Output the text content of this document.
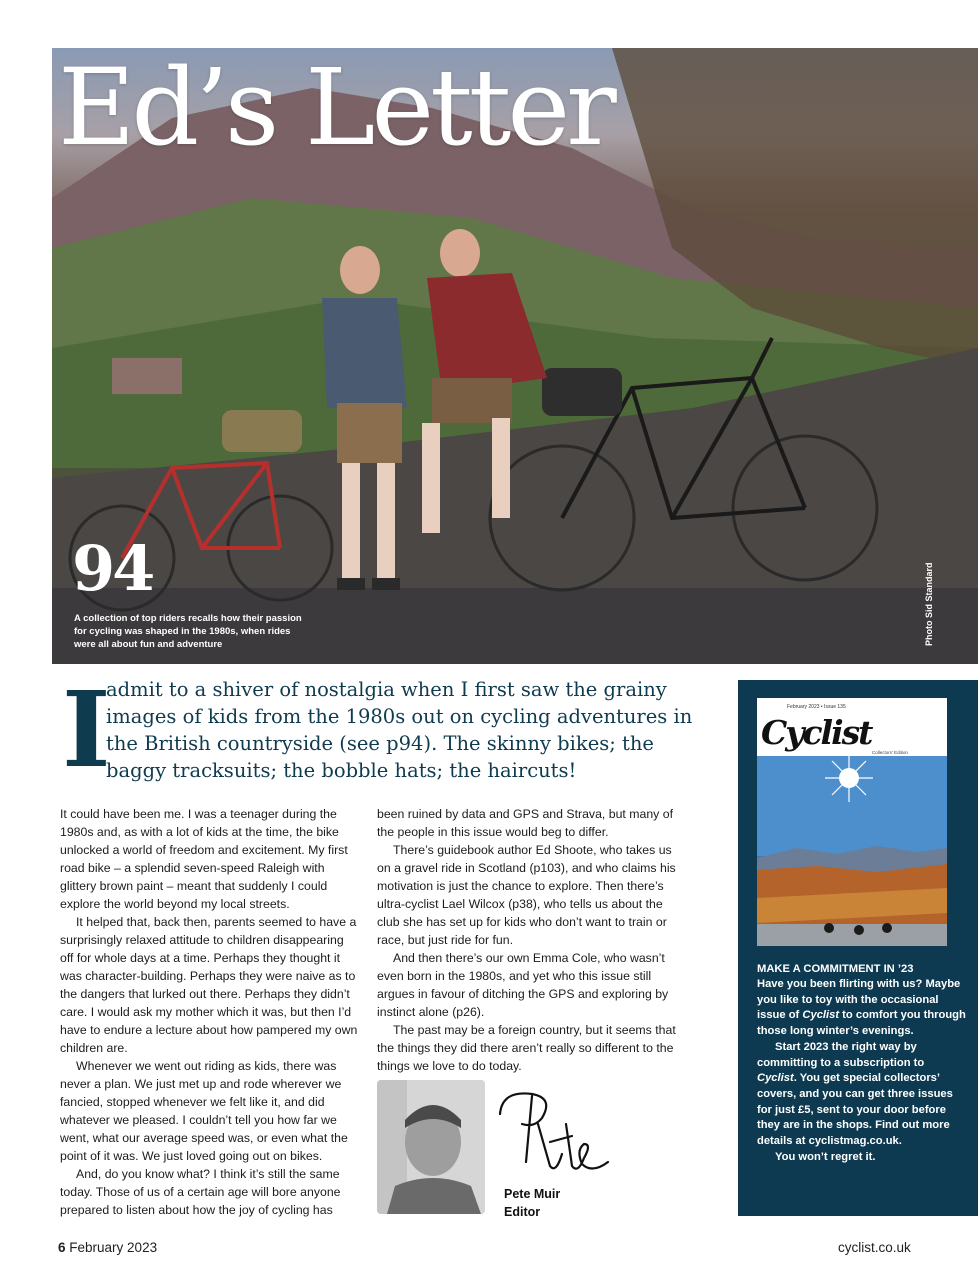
Ed’s Letter
94
A collection of top riders recalls how their passion for cycling was shaped in the 1980s, when rides were all about fun and adventure	Photo Sid Standard
I
admit to a shiver of nostalgia when I first saw the grainy images of kids from the 1980s out on cycling adventures in the British countryside (see p94). The skinny bikes; the baggy tracksuits; the bobble hats; the haircuts!

It could have been me. I was a teenager during the 1980s and, as with a lot of kids at the time, the bike unlocked a world of freedom and excitement. My first road bike – a splendid seven-speed Raleigh with glittery brown paint – meant that suddenly I could explore the world beyond my local streets.

It helped that, back then, parents seemed to have a surprisingly relaxed attitude to children disappearing off for whole days at a time. Perhaps they thought it was character-building. Perhaps they were naive as to the dangers that lurked out there. Perhaps they didn’t care. I would ask my mother which it was, but then I’d have to endure a lecture about how pampered my own children are.

Whenever we went out riding as kids, there was never a plan. We just met up and rode wherever we fancied, stopped whenever we felt like it, and did whatever we pleased. I couldn’t tell you how far we went, what our average speed was, or even what the point of it was. We just loved going out on bikes.

And, do you know what? I think it’s still the same today. Those of us of a certain age will bore anyone prepared to listen about how the joy of cycling has

been ruined by data and GPS and Strava, but many of the people in this issue would beg to differ.

There’s guidebook author Ed Shoote, who takes us on a gravel ride in Scotland (p103), and who claims his motivation is just the chance to explore. Then there’s ultra-cyclist Lael Wilcox (p38), who tells us about the club she has set up for kids who don’t want to train or race, but just ride for fun.

And then there’s our own Emma Cole, who wasn’t even born in the 1980s, and yet who this issue still argues in favour of ditching the GPS and exploring by instinct alone (p26).

The past may be a foreign country, but it seems that the things they did there aren’t really so different to the things we love to do today.

Pete Muir
Editor
February 2023 • Issue 135
Cyclist
Collectors’ Edition
MAKE A COMMITMENT IN ’23

Have you been flirting with us? Maybe you like to toy with the occasional issue of Cyclist to comfort you through those long winter’s evenings.

Start 2023 the right way by committing to a subscription to Cyclist. You get special collectors’ covers, and you can get three issues for just £5, sent to your door before they are in the shops. Find out more details at cyclistmag.co.uk.

You won’t regret it.

6 February 2023	cyclist.co.uk
